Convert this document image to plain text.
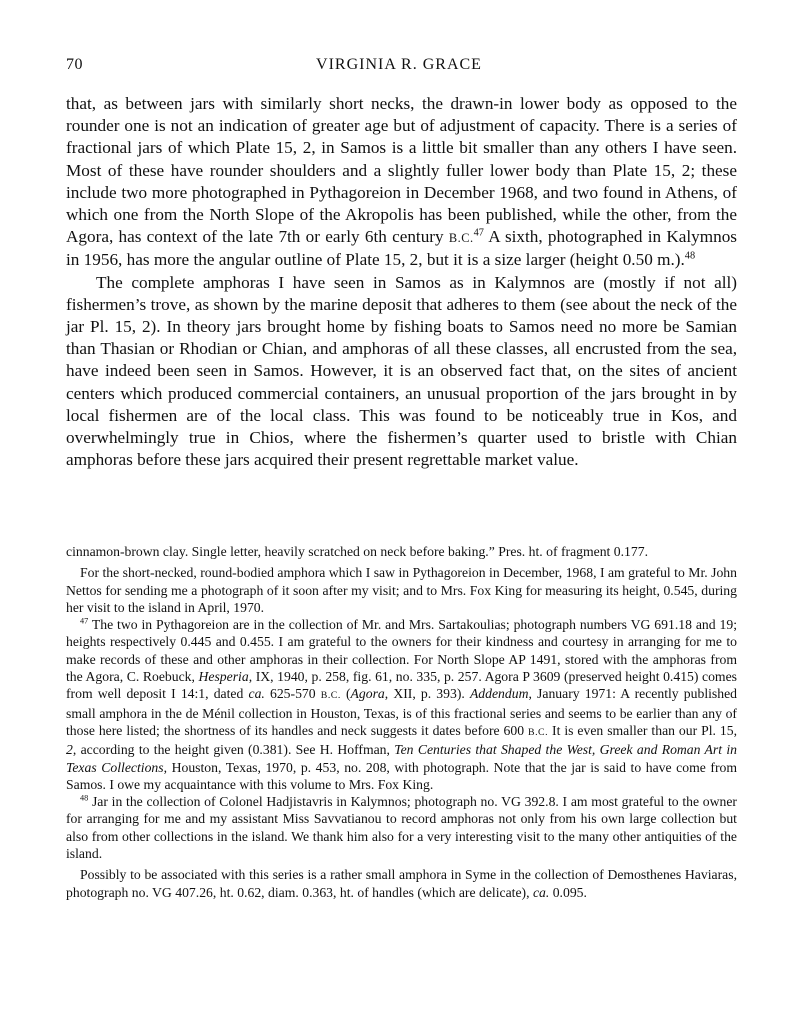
70	VIRGINIA R. GRACE

that, as between jars with similarly short necks, the drawn-in lower body as opposed to the rounder one is not an indication of greater age but of adjustment of capacity. There is a series of fractional jars of which Plate 15, 2, in Samos is a little bit smaller than any others I have seen. Most of these have rounder shoulders and a slightly fuller lower body than Plate 15, 2; these include two more photographed in Pythagoreion in December 1968, and two found in Athens, of which one from the North Slope of the Akropolis has been published, while the other, from the Agora, has context of the late 7th or early 6th century B.C.$^{47}$ A sixth, photographed in Kalymnos in 1956, has more the angular outline of Plate 15, 2, but it is a size larger (height 0.50 m.).$^{48}$

The complete amphoras I have seen in Samos as in Kalymnos are (mostly if not all) fishermen’s trove, as shown by the marine deposit that adheres to them (see about the neck of the jar Pl. 15, 2). In theory jars brought home by fishing boats to Samos need no more be Samian than Thasian or Rhodian or Chian, and amphoras of all these classes, all encrusted from the sea, have indeed been seen in Samos. However, it is an observed fact that, on the sites of ancient centers which produced commercial containers, an unusual proportion of the jars brought in by local fishermen are of the local class. This was found to be noticeably true in Kos, and overwhelmingly true in Chios, where the fishermen’s quarter used to bristle with Chian amphoras before these jars acquired their present regrettable market value.

cinnamon-brown clay. Single letter, heavily scratched on neck before baking.” Pres. ht. of fragment 0.177.

For the short-necked, round-bodied amphora which I saw in Pythagoreion in December, 1968, I am grateful to Mr. John Nettos for sending me a photograph of it soon after my visit; and to Mrs. Fox King for measuring its height, 0.545, during her visit to the island in April, 1970.

$^{47}$ The two in Pythagoreion are in the collection of Mr. and Mrs. Sartakoulias; photograph numbers VG 691.18 and 19; heights respectively 0.445 and 0.455. I am grateful to the owners for their kindness and courtesy in arranging for me to make records of these and other amphoras in their collection. For North Slope AP 1491, stored with the amphoras from the Agora, C. Roebuck, Hesperia, IX, 1940, p. 258, fig. 61, no. 335, p. 257. Agora P 3609 (preserved height 0.415) comes from well deposit I 14:1, dated ca. 625-570 B.C. (Agora, XII, p. 393). Addendum, January 1971: A recently published small amphora in the de Ménil collection in Houston, Texas, is of this fractional series and seems to be earlier than any of those here listed; the shortness of its handles and neck suggests it dates before 600 B.C. It is even smaller than our Pl. 15, 2, according to the height given (0.381). See H. Hoffman, Ten Centuries that Shaped the West, Greek and Roman Art in Texas Collections, Houston, Texas, 1970, p. 453, no. 208, with photograph. Note that the jar is said to have come from Samos. I owe my acquaintance with this volume to Mrs. Fox King.

$^{48}$ Jar in the collection of Colonel Hadjistavris in Kalymnos; photograph no. VG 392.8. I am most grateful to the owner for arranging for me and my assistant Miss Savvatianou to record amphoras not only from his own large collection but also from other collections in the island. We thank him also for a very interesting visit to the many other antiquities of the island.

Possibly to be associated with this series is a rather small amphora in Syme in the collection of Demosthenes Haviaras, photograph no. VG 407.26, ht. 0.62, diam. 0.363, ht. of handles (which are delicate), ca. 0.095.
